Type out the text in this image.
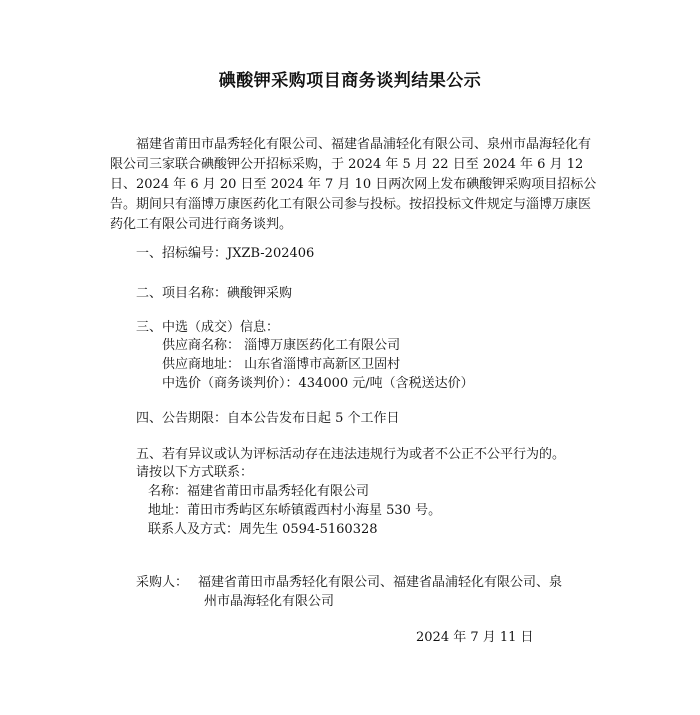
碘酸钾采购项目商务谈判结果公示

福建省莆田市晶秀轻化有限公司、福建省晶浦轻化有限公司、泉州市晶海轻化有限公司三家联合碘酸钾公开招标采购，于 2024 年 5 月 22 日至 2024 年 6 月 12 日、2024 年 6 月 20 日至 2024 年 7 月 10 日两次网上发布碘酸钾采购项目招标公告。期间只有淄博万康医药化工有限公司参与投标。按招投标文件规定与淄博万康医药化工有限公司进行商务谈判。

一、招标编号：JXZB-202406
二、项目名称：碘酸钾采购
三、中选（成交）信息：
供应商名称： 淄博万康医药化工有限公司
供应商地址： 山东省淄博市高新区卫固村
中选价（商务谈判价）：434000 元/吨（含税送达价）
四、公告期限：自本公告发布日起 5 个工作日
五、若有异议或认为评标活动存在违法违规行为或者不公正不公平行为的。
请按以下方式联系：
名称：福建省莆田市晶秀轻化有限公司
地址：莆田市秀屿区东峤镇霞西村小海星 530 号。
联系人及方式：周先生 0594-5160328
采购人： 福建省莆田市晶秀轻化有限公司、福建省晶浦轻化有限公司、泉
州市晶海轻化有限公司
2024 年 7 月 11 日
